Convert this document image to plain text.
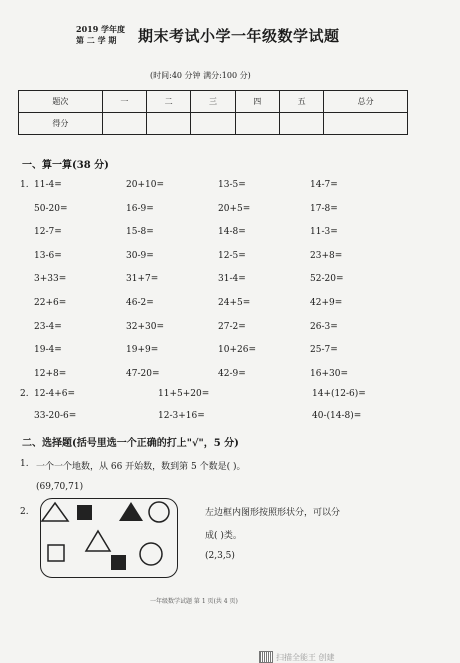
2019 学年度
第 二 学 期	期末考试小学一年级数学试题
(时间:40 分钟 满分:100 分)
题次	一	二	三	四	五	总分
得分						
一、算一算(38 分)
1. 11-4=	20+10=	13-5=	14-7=
50-20=	16-9=	20+5=	17-8=
12-7=	15-8=	14-8=	11-3=
13-6=	30-9=	12-5=	23+8=
3+33=	31+7=	31-4=	52-20=
22+6=	46-2=	24+5=	42+9=
23-4=	32+30=	27-2=	26-3=
19-4=	19+9=	10+26=	25-7=
12+8=	47-20=	42-9=	16+30=
2. 12-4+6=	11+5+20=	14+(12-6)=
33-20-6=	12-3+16=	40-(14-8)=
二、选择题(括号里选一个正确的打上"√"，5 分)
1. 一个一个地数，从 66 开始数，数到第 5 个数是( )。
(69,70,71)
2.	左边框内图形按照形状分，可以分
成( )类。
(2,3,5)
一年级数学试题 第 1 页(共 4 页)
扫描全能王 创建
